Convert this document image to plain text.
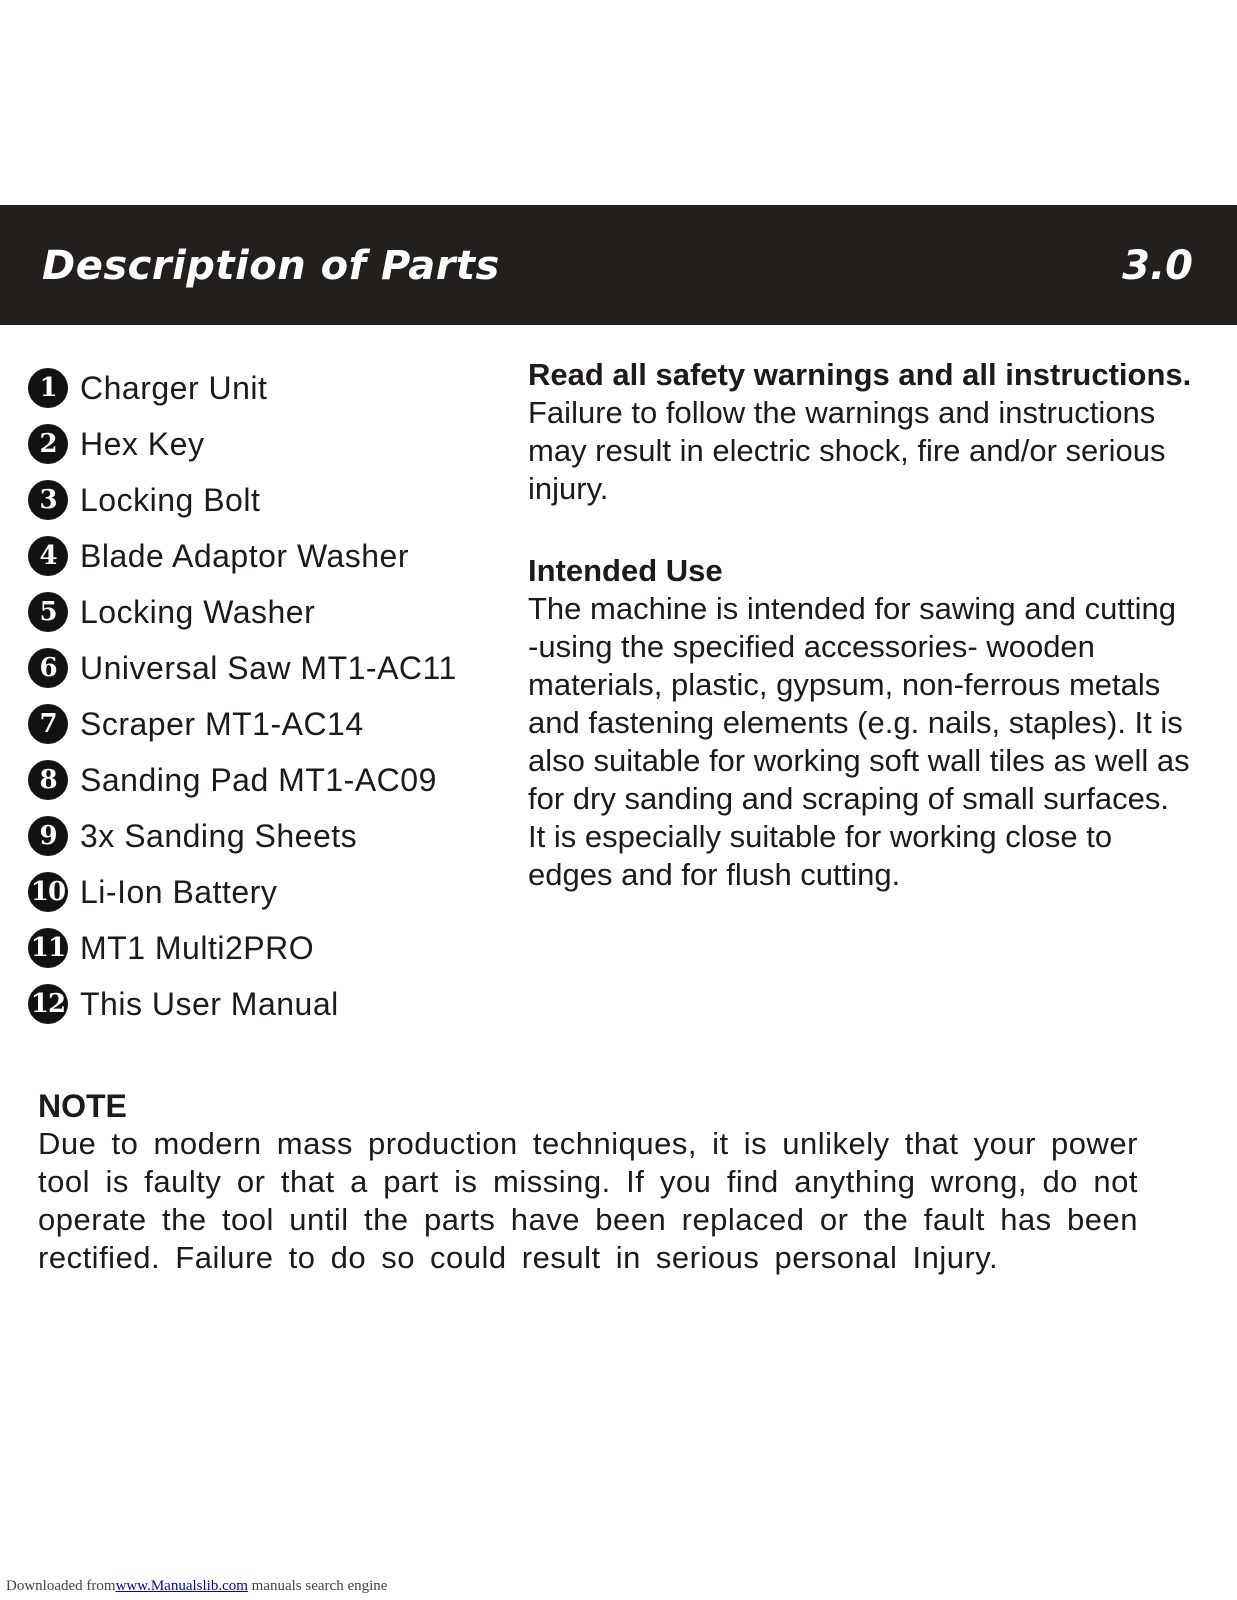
Description of Parts	3.0
1 Charger Unit
2 Hex Key
3 Locking Bolt
4 Blade Adaptor Washer
5 Locking Washer
6 Universal Saw MT1-AC11
7 Scraper MT1-AC14
8 Sanding Pad MT1-AC09
9 3x Sanding Sheets
10 Li-Ion Battery
11 MT1 Multi2PRO
12 This User Manual

Read all safety warnings and all instructions.

Failure to follow the warnings and instructions may result in electric shock, fire and/or serious injury.

Intended Use

The machine is intended for sawing and cutting -using the specified accessories- wooden materials, plastic, gypsum, non-ferrous metals and fastening elements (e.g. nails, staples). It is also suitable for working soft wall tiles as well as for dry sanding and scraping of small surfaces. It is especially suitable for working close to edges and for flush cutting.

NOTE

Due to modern mass production techniques, it is unlikely that your power tool is faulty or that a part is missing. If you find anything wrong, do not operate the tool until the parts have been replaced or the fault has been rectified. Failure to do so could result in serious personal Injury.

Downloaded fromwww.Manualslib.com manuals search engine
